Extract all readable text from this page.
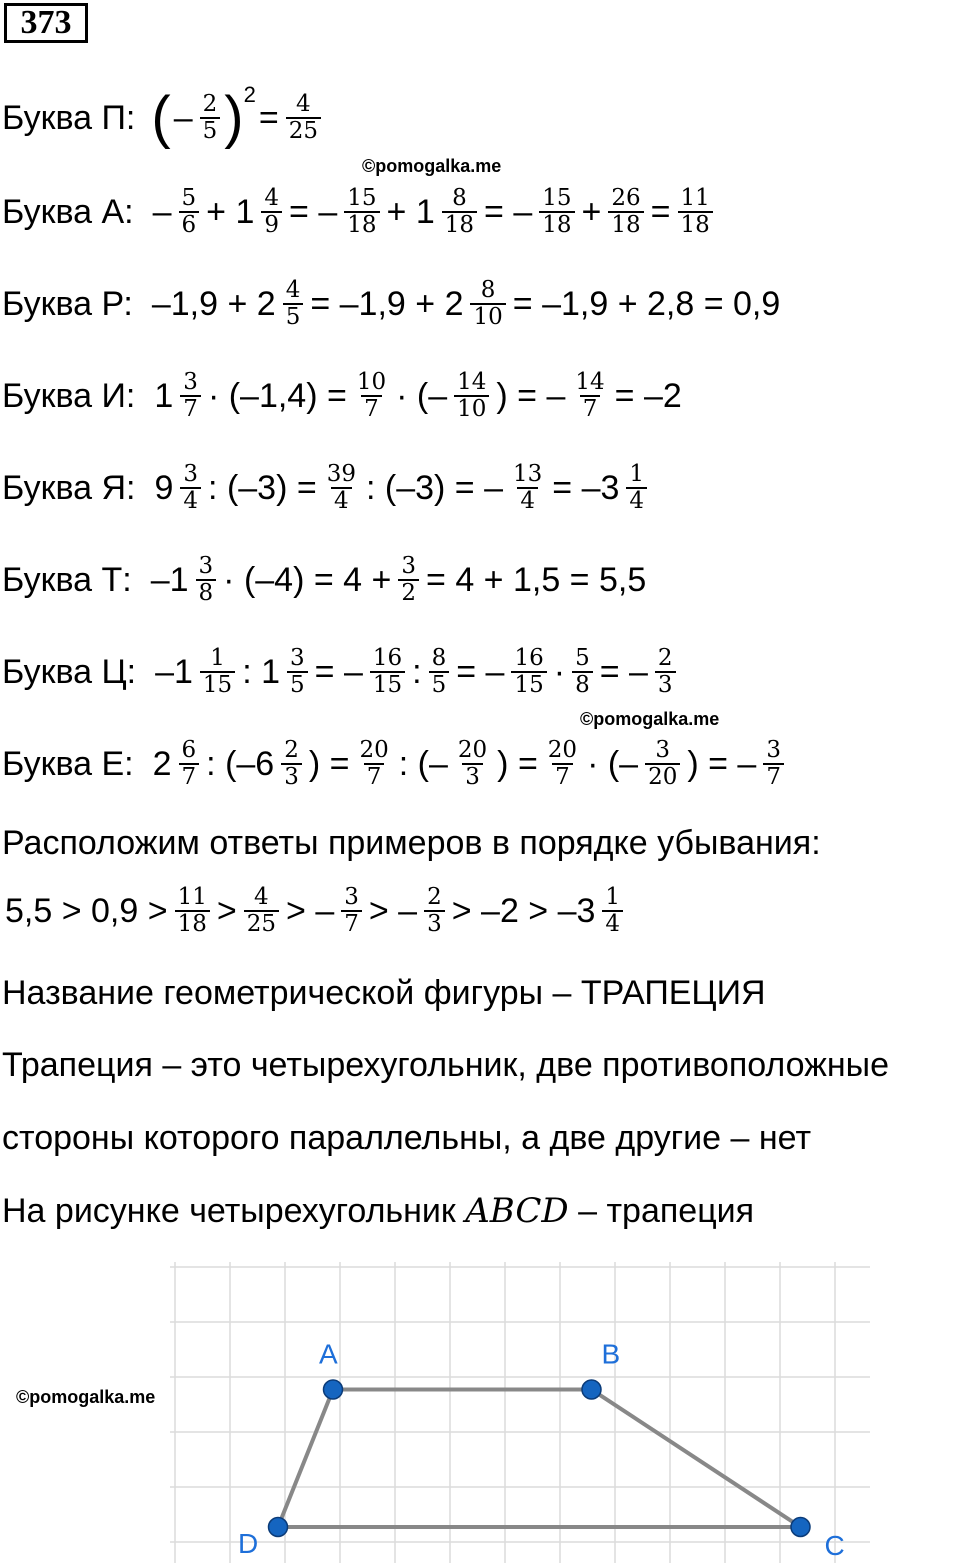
373
Буква П: ( – $\frac{2}{5}$ ) 2
= $\frac{4}{25}$
Буква А: – $\frac{5}{6} + 1 \frac{4}{9}$ = – $\frac{15}{18} + 1 \frac{8}{18}$ = – $\frac{15}{18} + \frac{26}{18} = \frac{11}{18}$
Буква Р: $-1,9 + 2 \frac{4}{5} = -1,9 + 2 \frac{8}{10} = -1,9 + 2,8 = 0,9$
Буква И: $1 \frac{3}{7} \cdot (-1,4) = \frac{10}{7}$ · (– $\frac{14}{10}$ ) = – $\frac{14}{7} = -2$
Буква Я: $9 \frac{3}{4}$ : $(-3) = \frac{39}{4}$ : (–3) = – $\frac{13}{4} = -3 \frac{1}{4}$
Буква Т: $-1 \frac{3}{8} \cdot (-4) = 4 + \frac{3}{2} = 4 + 1,5 = 5,5$
Буква Ц: $-1 \frac{1}{15}$ : $1 \frac{3}{5}$ = – $\frac{16}{15}$ : $\frac{8}{5}$ = – $\frac{16}{15} \cdot \frac{5}{8}$ = – $\frac{2}{3}$
Буква Е: $2 \frac{6}{7}$ : ($-6 \frac{2}{3}$ ) = $\frac{20}{7}$ : (– $\frac{20}{3}$ ) = $\frac{20}{7}$ · (– $\frac{3}{20}$ ) = – $\frac{3}{7}$
©pomogalka.me
©pomogalka.me
Расположим ответы примеров в порядке убывания:
$5,5 > 0,9 > \frac{11}{18} > \frac{4}{25}$ > – $\frac{3}{7}$ > – $\frac{2}{3} > -2 > -3 \frac{1}{4}$
Название геометрической фигуры – ТРАПЕЦИЯ
Трапеция – это четырехугольник, две противоположные
стороны которого параллельны, а две другие – нет
На рисунке четырехугольник ABCD – трапеция
©pomogalka.me
A	B
C
D
